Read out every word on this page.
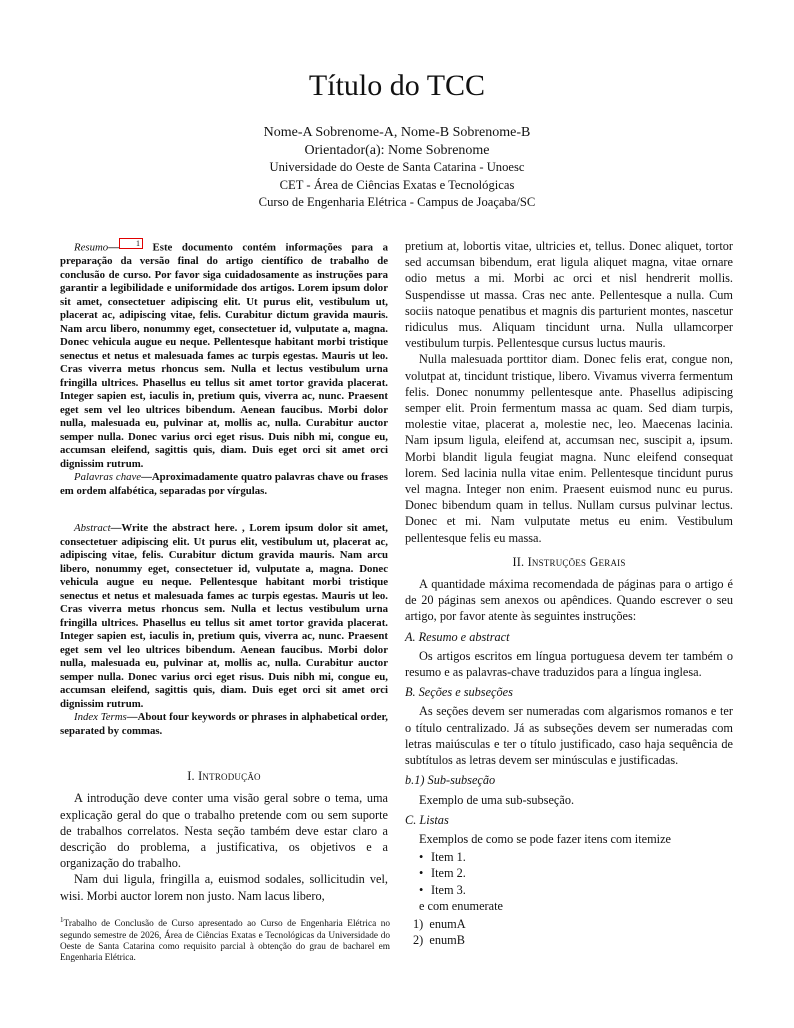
Título do TCC
Nome-A Sobrenome-A, Nome-B Sobrenome-B
Orientador(a): Nome Sobrenome
Universidade do Oeste de Santa Catarina - Unoesc
CET - Área de Ciências Exatas e Tecnológicas
Curso de Engenharia Elétrica - Campus de Joaçaba/SC

Resumo— 1 Este documento contém informações para a preparação da versão final do artigo científico de trabalho de conclusão de curso. Por favor siga cuidadosamente as instruções para garantir a legibilidade e uniformidade dos artigos. Lorem ipsum dolor sit amet, consectetuer adipiscing elit. Ut purus elit, vestibulum ut, placerat ac, adipiscing vitae, felis. Curabitur dictum gravida mauris. Nam arcu libero, nonummy eget, consectetuer id, vulputate a, magna. Donec vehicula augue eu neque. Pellentesque habitant morbi tristique senectus et netus et malesuada fames ac turpis egestas. Mauris ut leo. Cras viverra metus rhoncus sem. Nulla et lectus vestibulum urna fringilla ultrices. Phasellus eu tellus sit amet tortor gravida placerat. Integer sapien est, iaculis in, pretium quis, viverra ac, nunc. Praesent eget sem vel leo ultrices bibendum. Aenean faucibus. Morbi dolor nulla, malesuada eu, pulvinar at, mollis ac, nulla. Curabitur auctor semper nulla. Donec varius orci eget risus. Duis nibh mi, congue eu, accumsan eleifend, sagittis quis, diam. Duis eget orci sit amet orci dignissim rutrum.

Palavras chave—Aproximadamente quatro palavras chave ou frases em ordem alfabética, separadas por vírgulas.

Abstract—Write the abstract here. , Lorem ipsum dolor sit amet, consectetuer adipiscing elit. Ut purus elit, vestibulum ut, placerat ac, adipiscing vitae, felis. Curabitur dictum gravida mauris. Nam arcu libero, nonummy eget, consectetuer id, vulputate a, magna. Donec vehicula augue eu neque. Pellentesque habitant morbi tristique senectus et netus et malesuada fames ac turpis egestas. Mauris ut leo. Cras viverra metus rhoncus sem. Nulla et lectus vestibulum urna fringilla ultrices. Phasellus eu tellus sit amet tortor gravida placerat. Integer sapien est, iaculis in, pretium quis, viverra ac, nunc. Praesent eget sem vel leo ultrices bibendum. Aenean faucibus. Morbi dolor nulla, malesuada eu, pulvinar at, mollis ac, nulla. Curabitur auctor semper nulla. Donec varius orci eget risus. Duis nibh mi, congue eu, accumsan eleifend, sagittis quis, diam. Duis eget orci sit amet orci dignissim rutrum.

Index Terms—About four keywords or phrases in alphabetical order, separated by commas.

I. Introdução

A introdução deve conter uma visão geral sobre o tema, uma explicação geral do que o trabalho pretende com ou sem suporte de trabalhos correlatos. Nesta seção também deve estar claro a descrição do problema, a justificativa, os objetivos e a organização do trabalho.

Nam dui ligula, fringilla a, euismod sodales, sollicitudin vel, wisi. Morbi auctor lorem non justo. Nam lacus libero,

pretium at, lobortis vitae, ultricies et, tellus. Donec aliquet, tortor sed accumsan bibendum, erat ligula aliquet magna, vitae ornare odio metus a mi. Morbi ac orci et nisl hendrerit mollis. Suspendisse ut massa. Cras nec ante. Pellentesque a nulla. Cum sociis natoque penatibus et magnis dis parturient montes, nascetur ridiculus mus. Aliquam tincidunt urna. Nulla ullamcorper vestibulum turpis. Pellentesque cursus luctus mauris.

Nulla malesuada porttitor diam. Donec felis erat, congue non, volutpat at, tincidunt tristique, libero. Vivamus viverra fermentum felis. Donec nonummy pellentesque ante. Phasellus adipiscing semper elit. Proin fermentum massa ac quam. Sed diam turpis, molestie vitae, placerat a, molestie nec, leo. Maecenas lacinia. Nam ipsum ligula, eleifend at, accumsan nec, suscipit a, ipsum. Morbi blandit ligula feugiat magna. Nunc eleifend consequat lorem. Sed lacinia nulla vitae enim. Pellentesque tincidunt purus vel magna. Integer non enim. Praesent euismod nunc eu purus. Donec bibendum quam in tellus. Nullam cursus pulvinar lectus. Donec et mi. Nam vulputate metus eu enim. Vestibulum pellentesque felis eu massa.

II. Instruções Gerais

A quantidade máxima recomendada de páginas para o artigo é de 20 páginas sem anexos ou apêndices. Quando escrever o seu artigo, por favor atente às seguintes instruções:

A. Resumo e abstract

Os artigos escritos em língua portuguesa devem ter também o resumo e as palavras-chave traduzidos para a língua inglesa.

B. Seções e subseções

As seções devem ser numeradas com algarismos romanos e ter o título centralizado. Já as subseções devem ser numeradas com letras maiúsculas e ter o título justificado, caso haja sequência de subtítulos as letras devem ser minúsculas e justificadas.

b.1) Sub-subseção

Exemplo de uma sub-subseção.

C. Listas

Exemplos de como se pode fazer itens com itemize

• Item 1.
• Item 2.
• Item 3.

e com enumerate

1)  enumA
2)  enumB
$^1$Trabalho de Conclusão de Curso apresentado ao Curso de Engenharia Elétrica no segundo semestre de 2026, Área de Ciências Exatas e Tecnológicas da Universidade do Oeste de Santa Catarina como requisito parcial à obtenção do grau de bacharel em Engenharia Elétrica.
